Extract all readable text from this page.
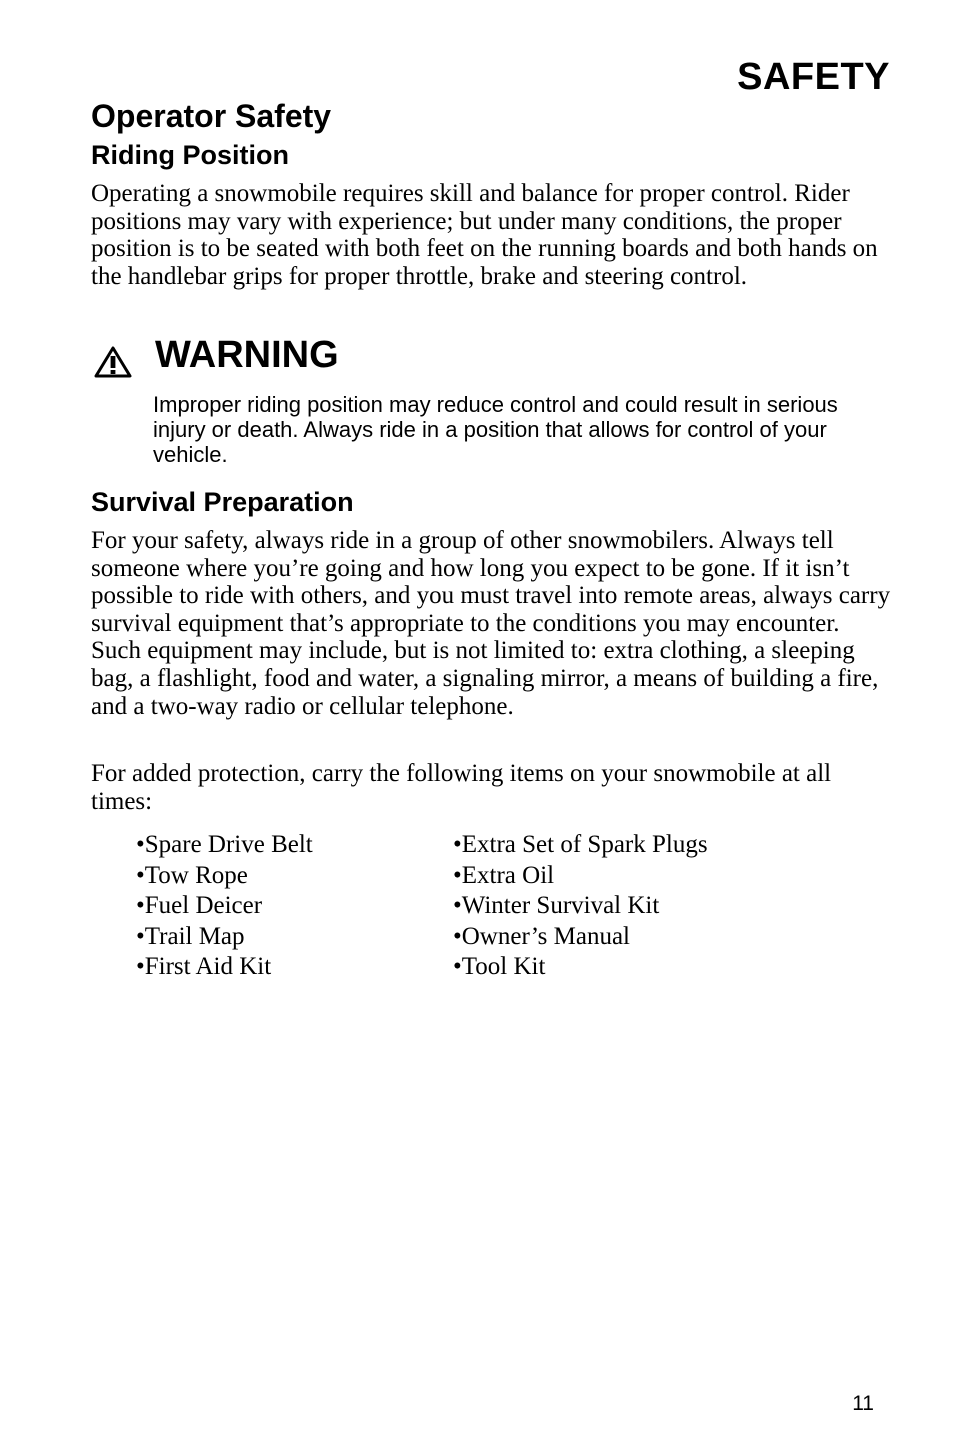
SAFETY
Operator Safety
Riding Position

Operating a snowmobile requires skill and balance for proper control. Rider positions may vary with experience; but under many conditions, the proper position is to be seated with both feet on the running boards and both hands on the handlebar grips for proper throttle, brake and steering control.

WARNING

Improper riding position may reduce control and could result in serious injury or death. Always ride in a position that allows for control of your vehicle.

Survival Preparation

For your safety, always ride in a group of other snowmobilers. Always tell someone where you’re going and how long you expect to be gone. If it isn’t possible to ride with others, and you must travel into remote areas, always carry survival equipment that’s appropriate to the conditions you may encounter. Such equipment may include, but is not limited to: extra clothing, a sleeping bag, a flashlight, food and water, a signaling mirror, a means of building a fire, and a two-way radio or cellular telephone.

For added protection, carry the following items on your snowmobile at all times:

•Spare Drive Belt
•Tow Rope
•Fuel Deicer
•Trail Map
•First Aid Kit
•Extra Set of Spark Plugs
•Extra Oil
•Winter Survival Kit
•Owner’s Manual
•Tool Kit
11
